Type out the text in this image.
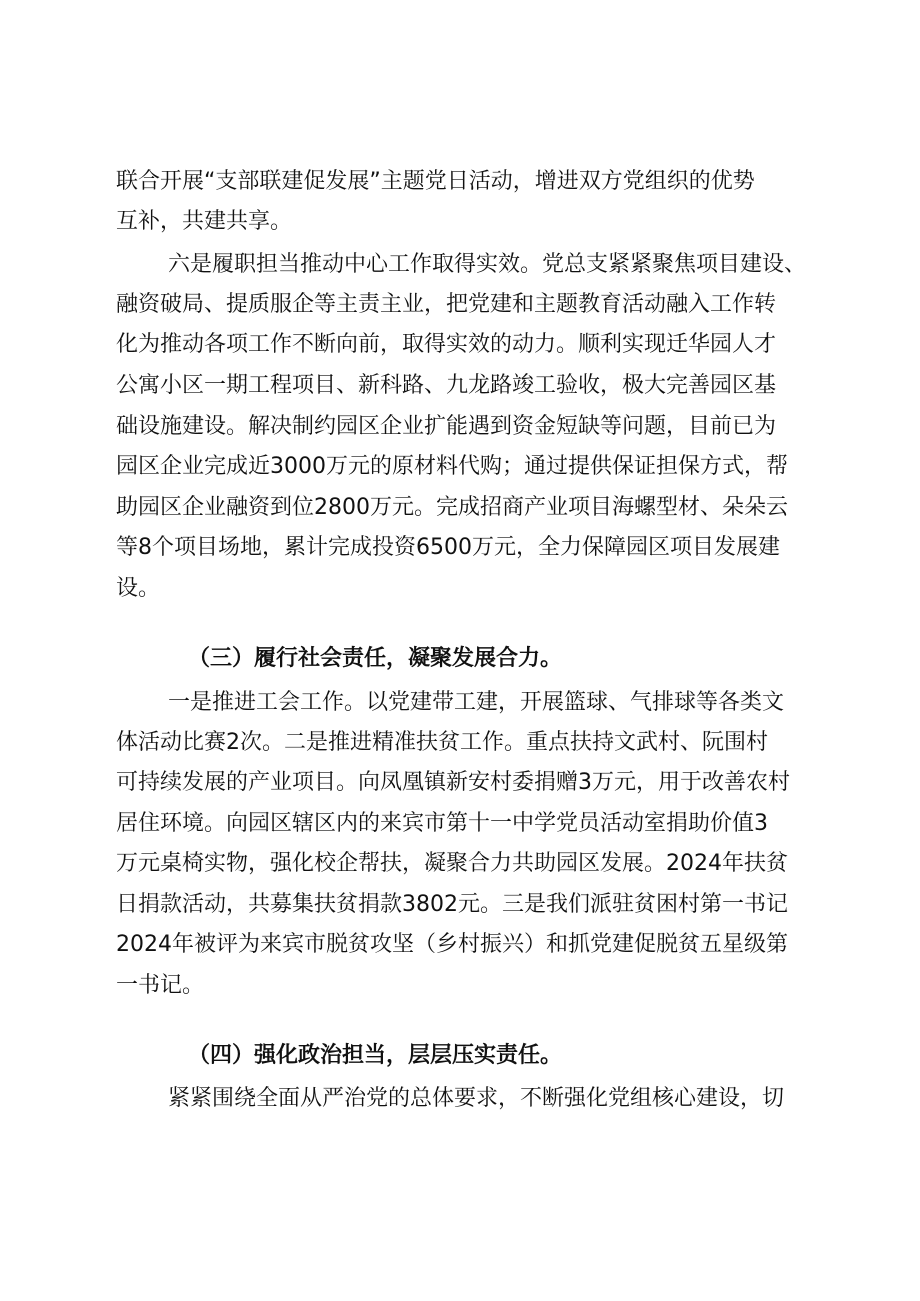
联合开展“支部联建促发展”主题党日活动，增进双方党组织的优势
互补，共建共享。
六是履职担当推动中心工作取得实效。党总支紧紧聚焦项目建设、
融资破局、提质服企等主责主业，把党建和主题教育活动融入工作转
化为推动各项工作不断向前，取得实效的动力。顺利实现迁华园人才
公寓小区一期工程项目、新科路、九龙路竣工验收，极大完善园区基
础设施建设。解决制约园区企业扩能遇到资金短缺等问题，目前已为
园区企业完成近3000万元的原材料代购；通过提供保证担保方式，帮
助园区企业融资到位2800万元。完成招商产业项目海螺型材、朵朵云
等8个项目场地，累计完成投资6500万元，全力保障园区项目发展建
设。
（三）履行社会责任，凝聚发展合力。
一是推进工会工作。以党建带工建，开展篮球、气排球等各类文
体活动比赛2次。二是推进精准扶贫工作。重点扶持文武村、阮围村
可持续发展的产业项目。向凤凰镇新安村委捐赠3万元，用于改善农村
居住环境。向园区辖区内的来宾市第十一中学党员活动室捐助价值3
万元桌椅实物，强化校企帮扶，凝聚合力共助园区发展。2024年扶贫
日捐款活动，共募集扶贫捐款3802元。三是我们派驻贫困村第一书记
2024年被评为来宾市脱贫攻坚（乡村振兴）和抓党建促脱贫五星级第
一书记。
（四）强化政治担当，层层压实责任。
紧紧围绕全面从严治党的总体要求，不断强化党组核心建设，切
